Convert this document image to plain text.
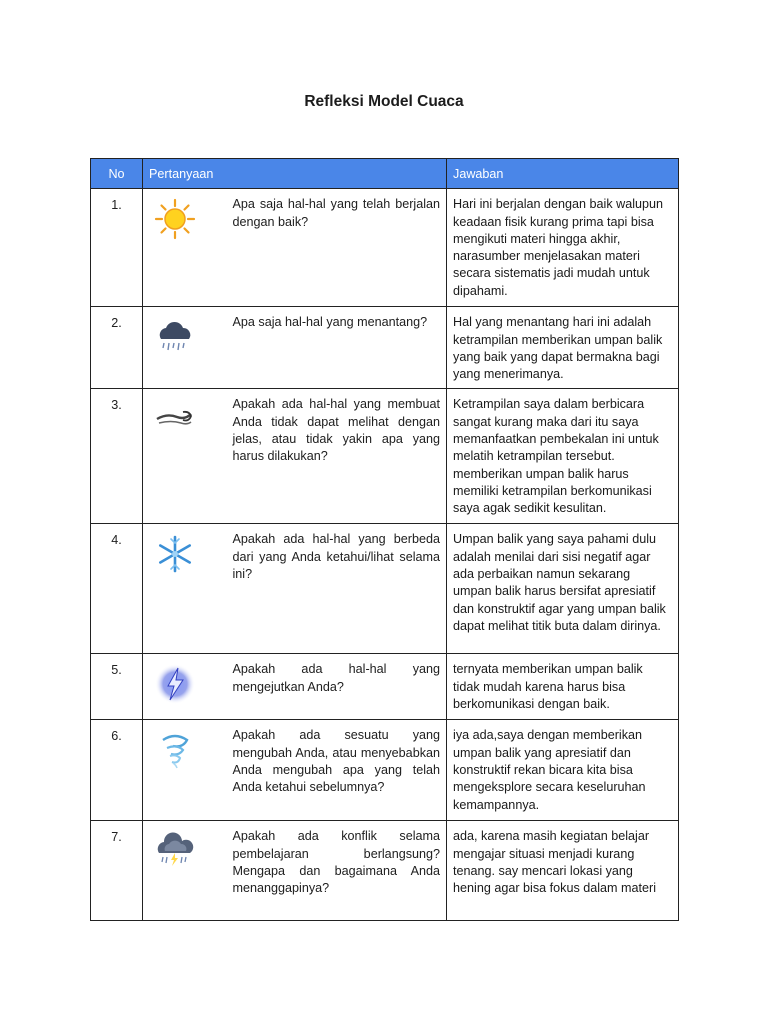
Refleksi Model Cuaca
No	Pertanyaan		Jawaban
1.		Apa saja hal-hal yang telah berjalan dengan baik?	Hari ini berjalan dengan baik walupun keadaan fisik kurang prima tapi bisa mengikuti materi hingga akhir, narasumber menjelasakan materi secara sistematis jadi mudah untuk dipahami.
2.		Apa saja hal-hal yang menantang?	Hal yang menantang hari ini adalah ketrampilan memberikan umpan balik yang baik yang dapat bermakna bagi yang menerimanya.
3.		Apakah ada hal-hal yang membuat Anda tidak dapat melihat dengan jelas, atau tidak yakin apa yang harus dilakukan?	Ketrampilan saya dalam berbicara sangat kurang maka dari itu saya memanfaatkan pembekalan ini untuk melatih ketrampilan tersebut. memberikan umpan balik harus memiliki ketrampilan berkomunikasi saya agak sedikit kesulitan.
4.		Apakah ada hal-hal yang berbeda dari yang Anda ketahui/lihat selama ini?	Umpan balik yang saya pahami dulu adalah menilai dari sisi negatif agar ada perbaikan namun sekarang umpan balik harus bersifat apresiatif dan konstruktif agar yang umpan balik dapat melihat titik buta dalam dirinya.
5.		Apakah ada hal-hal yang mengejutkan Anda?	ternyata memberikan umpan balik tidak mudah karena harus bisa berkomunikasi dengan baik.
6.		Apakah ada sesuatu yang mengubah Anda, atau menyebabkan Anda mengubah apa yang telah Anda ketahui sebelumnya?	iya ada,saya dengan memberikan umpan balik yang apresiatif dan konstruktif rekan bicara kita bisa mengeksplore secara keseluruhan kemampannya.
7.		Apakah ada konflik selama pembelajaran berlangsung? Mengapa dan bagaimana Anda menanggapinya?	ada, karena masih kegiatan belajar mengajar situasi menjadi kurang tenang. say mencari lokasi yang hening agar bisa fokus dalam materi
